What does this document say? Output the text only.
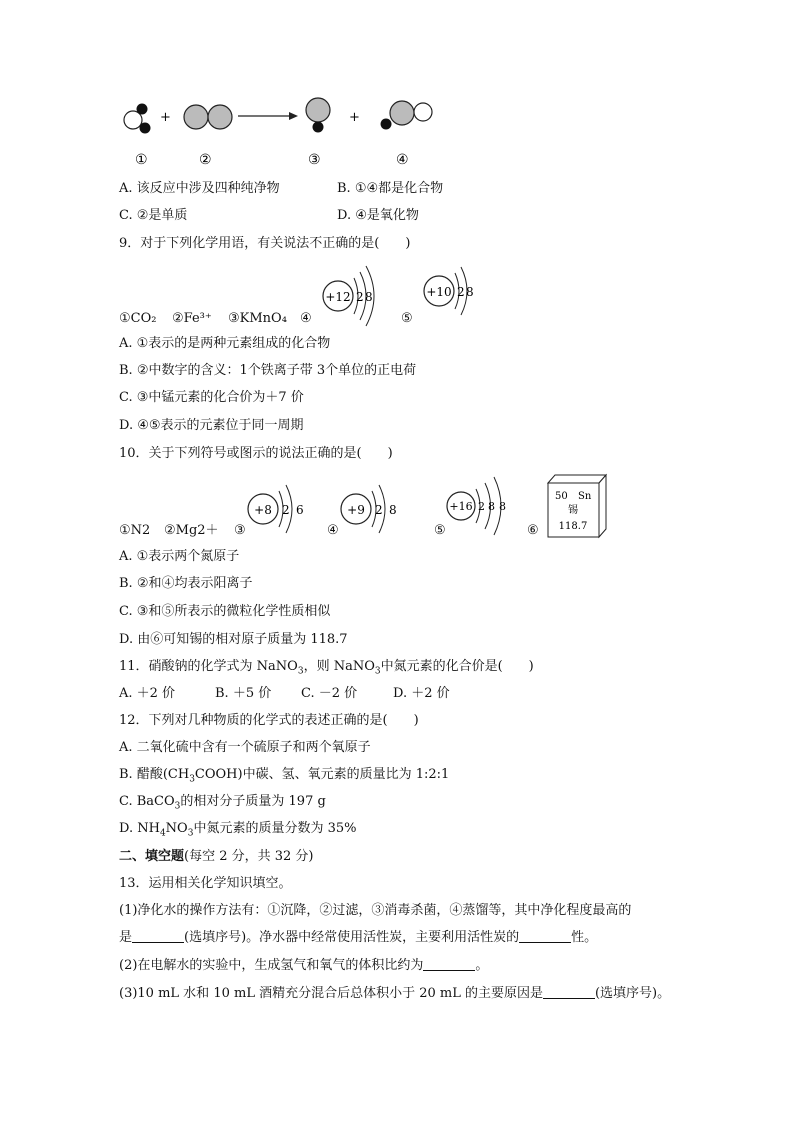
+	+
①	②	③	④
A. 该反应中涉及四种纯净物	B. ①④都是化合物
C. ②是单质	D. ④是氧化物
9．对于下列化学用语，有关说法不正确的是(　　)
+12 2 8	+10 2 8
①CO₂ ②Fe³⁺ ③KMnO₄ ④	⑤
A. ①表示的是两种元素组成的化合物
B. ②中数字的含义：1个铁离子带 3个单位的正电荷
C. ③中锰元素的化合价为＋7 价
D. ④⑤表示的元素位于同一周期
10．关于下列符号或图示的说法正确的是(　　)
+8 2 6	+9 2 8	+16 2 8 8
50 Sn
锡
118.7
①N2 ②Mg2＋ ③	④	⑤	⑥
A. ①表示两个氮原子
B. ②和④均表示阳离子
C. ③和⑤所表示的微粒化学性质相似
D. 由⑥可知锡的相对原子质量为 118.7
11．硝酸钠的化学式为 NaNO$_3$，则 NaNO$_3$中氮元素的化合价是(　　)
A. ＋2 价	B. ＋5 价 C. －2 价	D. ＋2 价
12．下列对几种物质的化学式的表述正确的是(　　)
A. 二氧化硫中含有一个硫原子和两个氧原子
B. 醋酸$(CH_3COOH)$中碳、氢、氧元素的质量比为 1:2:1
C. BaCO$_3$的相对分子质量为 197 g
D. $NH_4NO_3$中氮元素的质量分数为 35%
二、填空题(每空 2 分，共 32 分)
13．运用相关化学知识填空。
(1)净化水的操作方法有：①沉降，②过滤，③消毒杀菌，④蒸馏等，其中净化程度最高的
是	(选填序号)。净水器中经常使用活性炭，主要利用活性炭的	性。
(2)在电解水的实验中，生成氢气和氧气的体积比约为	。
(3)10 mL 水和 10 mL 酒精充分混合后总体积小于 20 mL 的主要原因是	(选填序号)。
